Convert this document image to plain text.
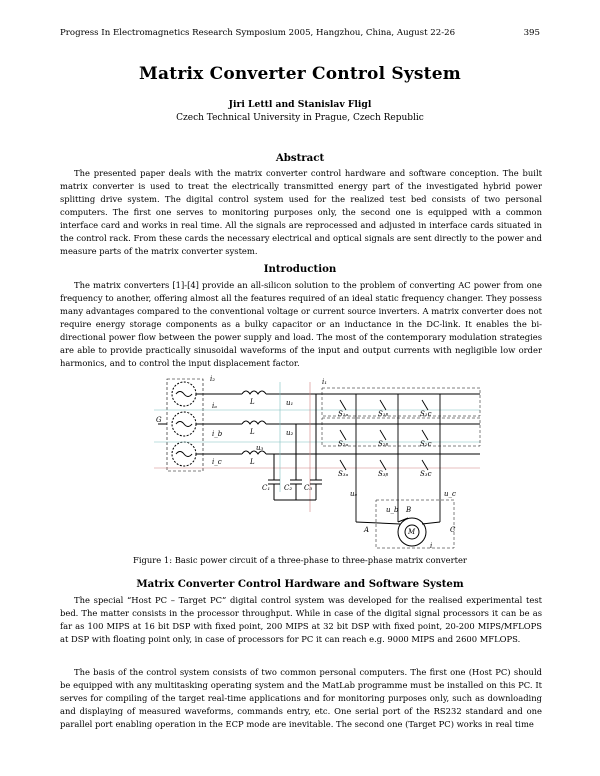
Progress In Electromagnetics Research Symposium 2005, Hangzhou, China, August 22-26	395
Matrix Converter Control System
Jiri Lettl and Stanislav Fligl
Czech Technical University in Prague, Czech Republic
Abstract

The presented paper deals with the matrix converter control hardware and software conception. The built matrix converter is used to treat the electrically transmitted energy part of the investigated hybrid power splitting drive system. The digital control system used for the realized test bed consists of two personal computers. The first one serves to monitoring purposes only, the second one is equipped with a common interface card and works in real time. All the signals are reprocessed and adjusted in interface cards situated in the control rack. From these cards the necessary electrical and optical signals are sent directly to the power and measure parts of the matrix converter system.

Introduction

The matrix converters [1]-[4] provide an all-silicon solution to the problem of converting AC power from one frequency to another, offering almost all the features required of an ideal static frequency changer. They possess many advantages compared to the conventional voltage or current source inverters. A matrix converter does not require energy storage components as a bulky capacitor or an inductance in the DC-link. It enables the bi-directional power flow between the power supply and load. The most of the contemporary modulation strategies are able to provide practically sinusoidal waveforms of the input and output currents with negligible low order harmonics, and to control the input displacement factor.

i₂	i₁
iₐ
i_b
i_c
L
L
L
u₁
u₂
u₃
S₁ₐ	S₁ᵦ	S₁c
S₂ₐ	S₂ᵦ	S₂c
S₃ₐ	S₃ᵦ	S₃c
C₁ C₂ C₃
G
uₐ
u_b
u_c
M
i
A
B
C
Figure 1: Basic power circuit of a three-phase to three-phase matrix converter
Matrix Converter Control Hardware and Software System

The special “Host PC – Target PC” digital control system was developed for the realised experimental test bed. The matter consists in the processor throughput. While in case of the digital signal processors it can be as far as 100 MIPS at 16 bit DSP with fixed point, 200 MIPS at 32 bit DSP with fixed point, 20-200 MIPS/MFLOPS at DSP with floating point only, in case of processors for PC it can reach e.g. 9000 MIPS and 2600 MFLOPS.

The basis of the control system consists of two common personal computers. The first one (Host PC) should be equipped with any multitasking operating system and the MatLab programme must be installed on this PC. It serves for compiling of the target real-time applications and for monitoring purposes only, such as downloading and displaying of measured waveforms, commands entry, etc. One serial port of the RS232 standard and one parallel port enabling operation in the ECP mode are inevitable. The second one (Target PC) works in real time
